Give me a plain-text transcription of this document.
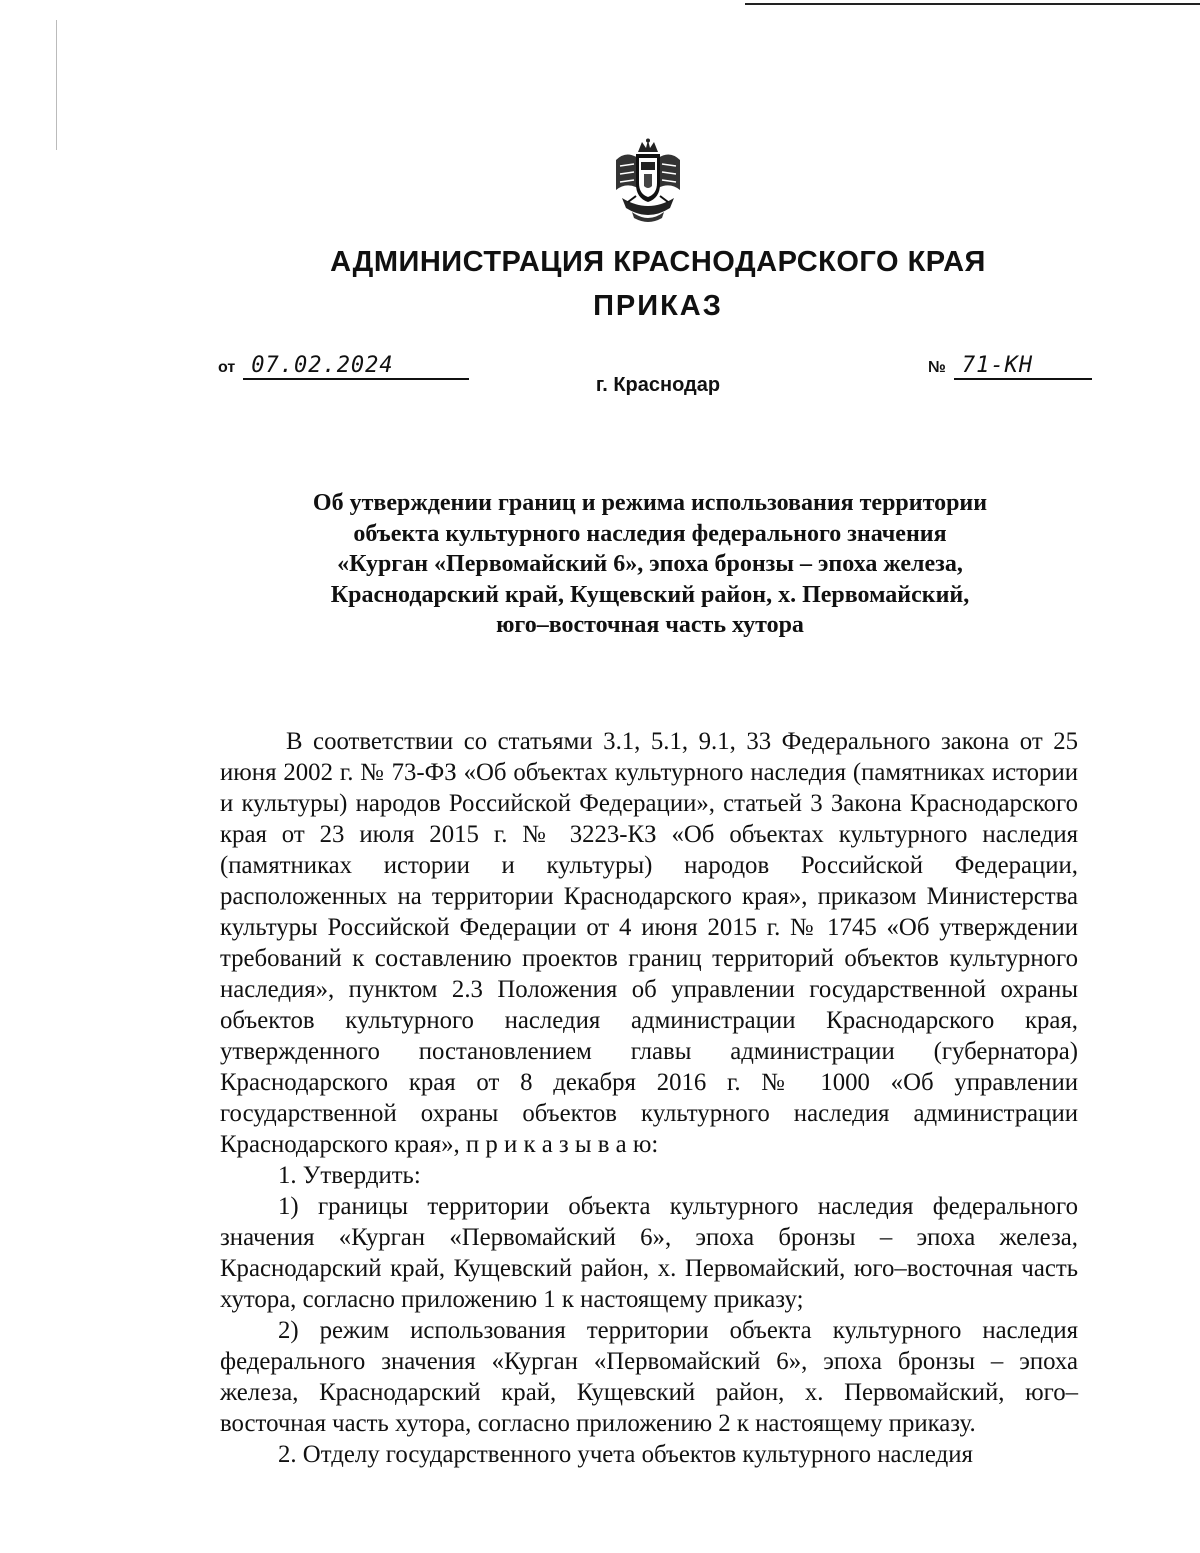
АДМИНИСТРАЦИЯ КРАСНОДАРСКОГО КРАЯ
ПРИКАЗ
от 07.02.2024	№ 71-КН
г. Краснодар

Об утверждении границ и режима использования территории

объекта культурного наследия федерального значения

«Курган «Первомайский 6», эпоха бронзы – эпоха железа,

Краснодарский край, Кущевский район, х. Первомайский,

юго–восточная часть хутора

В соответствии со статьями 3.1, 5.1, 9.1, 33 Федерального закона от 25 июня 2002 г. № 73-ФЗ «Об объектах культурного наследия (памятниках истории и культуры) народов Российской Федерации», статьей 3 Закона Краснодарского края от 23 июля 2015 г. № 3223-КЗ «Об объектах культурного наследия (памятниках истории и культуры) народов Российской Федерации, расположенных на территории Краснодарского края», приказом Министерства культуры Российской Федерации от 4 июня 2015 г. № 1745 «Об утверждении требований к составлению проектов границ территорий объектов культурного наследия», пунктом 2.3 Положения об управлении государственной охраны объектов культурного наследия администрации Краснодарского края, утвержденного постановлением главы администрации (губернатора) Краснодарского края от 8 декабря 2016 г. № 1000 «Об управлении государственной охраны объектов культурного наследия администрации Краснодарского края», п р и к а з ы в а ю:

1. Утвердить:

1) границы территории объекта культурного наследия федерального значения «Курган «Первомайский 6», эпоха бронзы – эпоха железа, Краснодарский край, Кущевский район, х. Первомайский, юго–восточная часть хутора, согласно приложению 1 к настоящему приказу;

2) режим использования территории объекта культурного наследия федерального значения «Курган «Первомайский 6», эпоха бронзы – эпоха железа, Краснодарский край, Кущевский район, х. Первомайский, юго–восточная часть хутора, согласно приложению 2 к настоящему приказу.

2. Отделу государственного учета объектов культурного наследия
